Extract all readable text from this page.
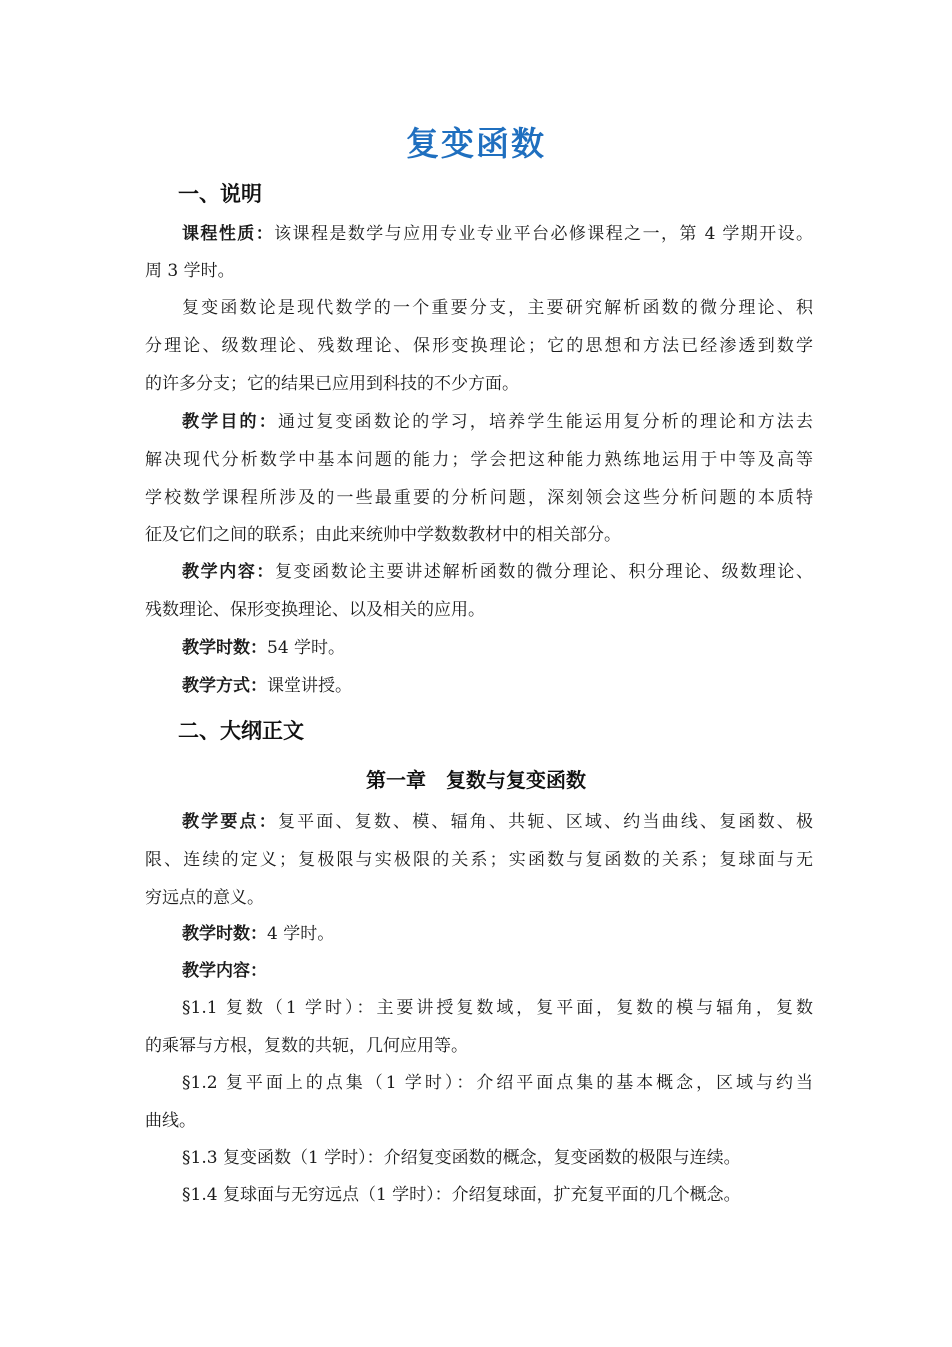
复变函数
一、说明
课程性质：该课程是数学与应用专业专业平台必修课程之一，第 4 学期开设。
周 3 学时。
复变函数论是现代数学的一个重要分支，主要研究解析函数的微分理论、积
分理论、级数理论、残数理论、保形变换理论；它的思想和方法已经渗透到数学
的许多分支；它的结果已应用到科技的不少方面。
教学目的：通过复变函数论的学习，培养学生能运用复分析的理论和方法去
解决现代分析数学中基本问题的能力；学会把这种能力熟练地运用于中等及高等
学校数学课程所涉及的一些最重要的分析问题，深刻领会这些分析问题的本质特
征及它们之间的联系；由此来统帅中学数数教材中的相关部分。
教学内容：复变函数论主要讲述解析函数的微分理论、积分理论、级数理论、
残数理论、保形变换理论、以及相关的应用。
教学时数：54 学时。
教学方式：课堂讲授。
二、大纲正文
第一章　复数与复变函数
教学要点：复平面、复数、模、辐角、共轭、区域、约当曲线、复函数、极
限、连续的定义；复极限与实极限的关系；实函数与复函数的关系；复球面与无
穷远点的意义。
教学时数：4 学时。
教学内容：
§1.1 复数（1 学时）：主要讲授复数域，复平面，复数的模与辐角，复数
的乘幂与方根，复数的共轭，几何应用等。
§1.2 复平面上的点集（1 学时）：介绍平面点集的基本概念，区域与约当
曲线。
§1.3 复变函数（1 学时）：介绍复变函数的概念，复变函数的极限与连续。
§1.4 复球面与无穷远点（1 学时）：介绍复球面，扩充复平面的几个概念。
